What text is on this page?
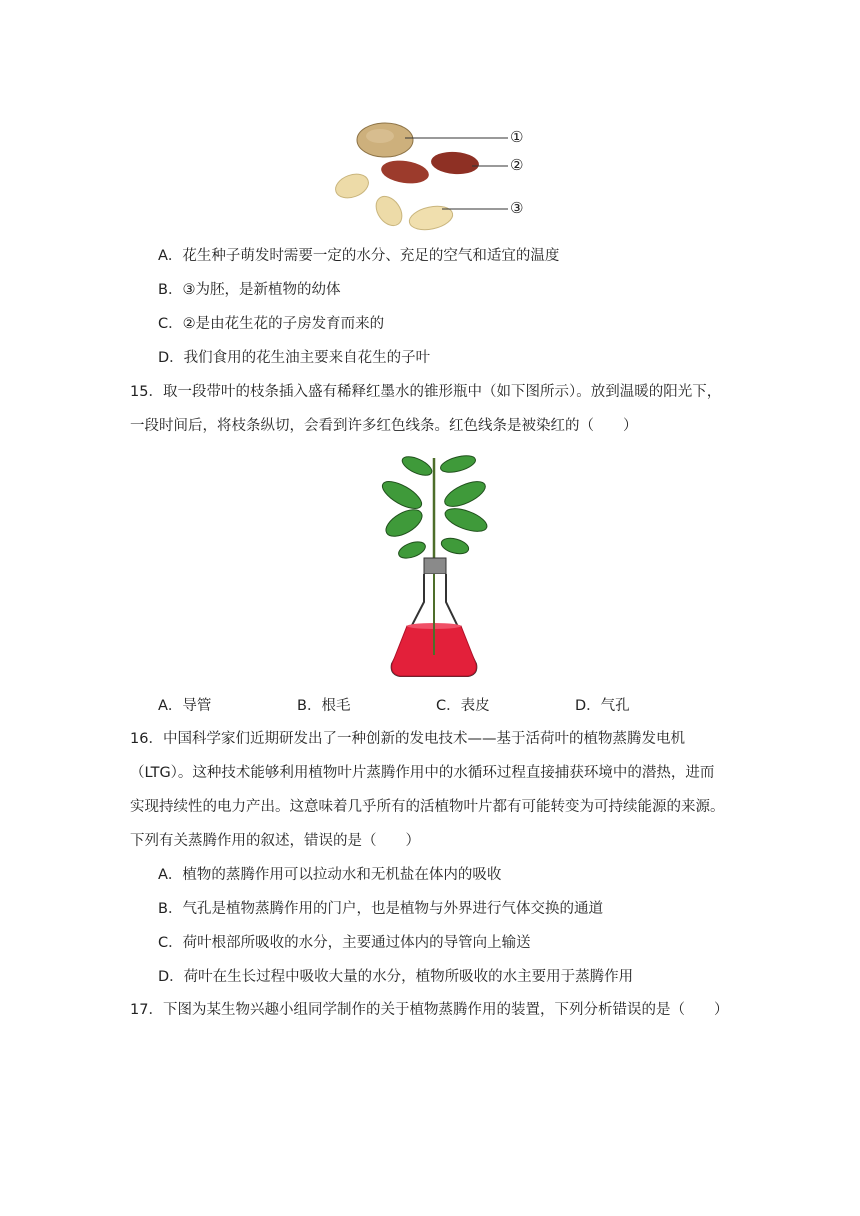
①
②
③
A．花生种子萌发时需要一定的水分、充足的空气和适宜的温度
B．③为胚，是新植物的幼体
C．②是由花生花的子房发育而来的
D．我们食用的花生油主要来自花生的子叶
15．取一段带叶的枝条插入盛有稀释红墨水的锥形瓶中（如下图所示）。放到温暖的阳光下，
一段时间后，将枝条纵切，会看到许多红色线条。红色线条是被染红的（　　）
A．导管	B．根毛	C．表皮	D．气孔
16．中国科学家们近期研发出了一种创新的发电技术——基于活荷叶的植物蒸腾发电机
（LTG）。这种技术能够利用植物叶片蒸腾作用中的水循环过程直接捕获环境中的潜热，进而
实现持续性的电力产出。这意味着几乎所有的活植物叶片都有可能转变为可持续能源的来源。
下列有关蒸腾作用的叙述，错误的是（　　）
A．植物的蒸腾作用可以拉动水和无机盐在体内的吸收
B．气孔是植物蒸腾作用的门户，也是植物与外界进行气体交换的通道
C．荷叶根部所吸收的水分，主要通过体内的导管向上输送
D．荷叶在生长过程中吸收大量的水分，植物所吸收的水主要用于蒸腾作用
17．下图为某生物兴趣小组同学制作的关于植物蒸腾作用的装置，下列分析错误的是（　　）
